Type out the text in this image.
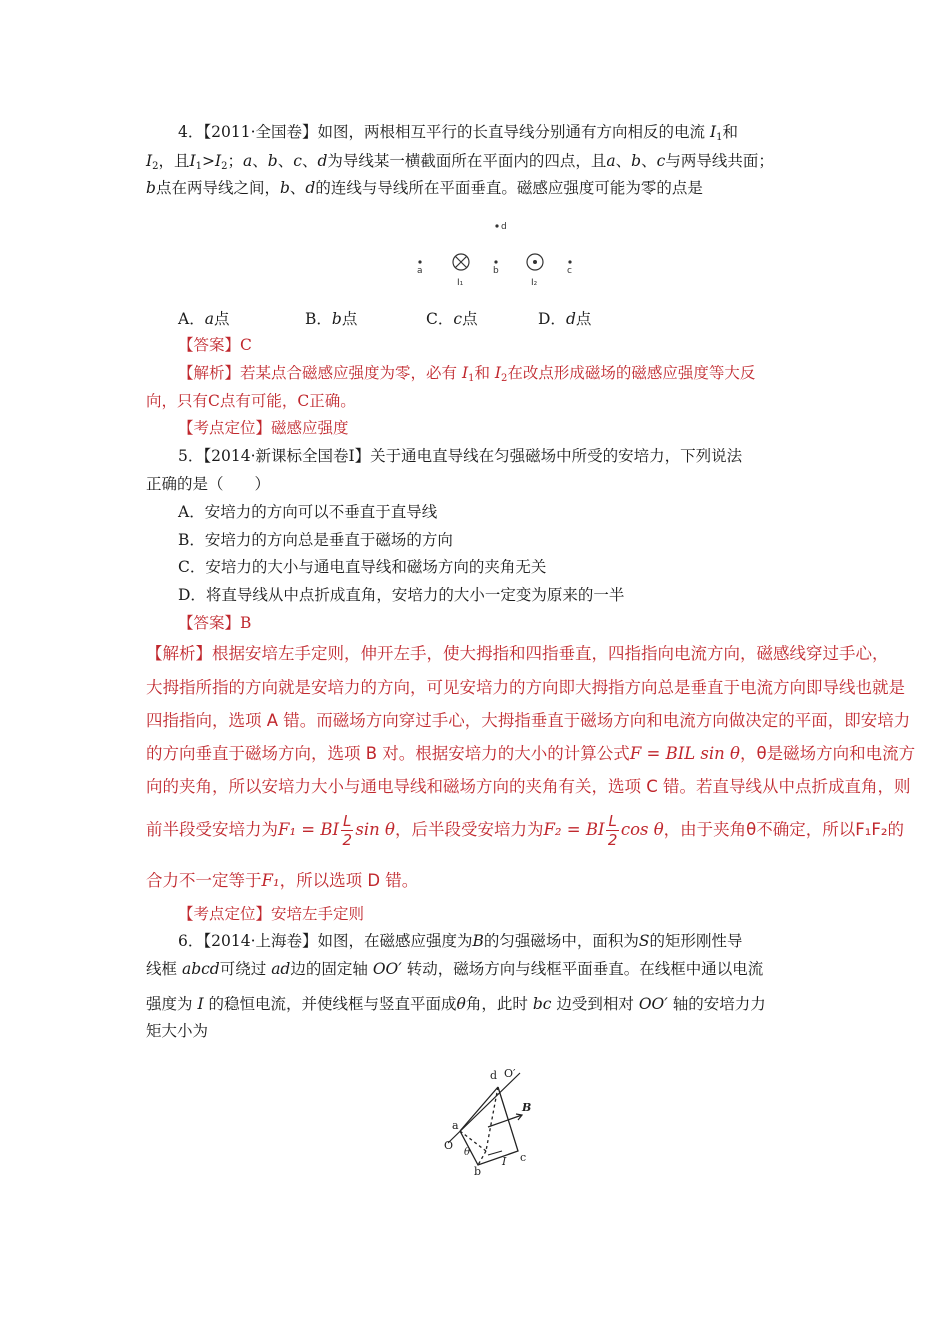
4．【2011·全国卷】如图，两根相互平行的长直导线分别通有方向相反的电流 $I_1$和
$I_2$，且$I_1>I_2$；a、b、c、d为导线某一横截面所在平面内的四点，且a、b、c与两导线共面；
b点在两导线之间，b、d的连线与导线所在平面垂直。磁感应强度可能为零的点是
d
a
I₁
b
I₂
c
A．a点	B．b点	C．c点	D．d点
【答案】C
【解析】若某点合磁感应强度为零，必有 $I_1$和 $I_2$在改点形成磁场的磁感应强度等大反
向，只有C点有可能，C正确。
【考点定位】磁感应强度
5．【2014·新课标全国卷Ⅰ】关于通电直导线在匀强磁场中所受的安培力，下列说法
正确的是（　　）
A．安培力的方向可以不垂直于直导线
B．安培力的方向总是垂直于磁场的方向
C．安培力的大小与通电直导线和磁场方向的夹角无关
D．将直导线从中点折成直角，安培力的大小一定变为原来的一半
【答案】B
【解析】根据安培左手定则，伸开左手，使大拇指和四指垂直，四指指向电流方向，磁感线穿过手心，
大拇指所指的方向就是安培力的方向，可见安培力的方向即大拇指方向总是垂直于电流方向即导线也就是
四指指向，选项 A 错。而磁场方向穿过手心，大拇指垂直于磁场方向和电流方向做决定的平面，即安培力
的方向垂直于磁场方向，选项 B 对。根据安培力的大小的计算公式F = BIL sin θ，θ是磁场方向和电流方
向的夹角，所以安培力大小与通电导线和磁场方向的夹角有关，选项 C 错。若直导线从中点折成直角，则
前半段受安培力为F₁ = BI $\frac{L}{2}$ sin θ，后半段受安培力为F₂ = BI $\frac{L}{2}$ cos θ，由于夹角θ不确定，所以F₁F₂的
合力不一定等于F₁，所以选项 D 错。
【考点定位】安培左手定则
6．【2014·上海卷】如图，在磁感应强度为B的匀强磁场中，面积为S的矩形刚性导
线框 abcd可绕过 ad边的固定轴 OO′ 转动，磁场方向与线框平面垂直。在线框中通以电流
强度为 I 的稳恒电流，并使线框与竖直平面成θ角，此时 bc 边受到相对 OO′ 轴的安培力力
矩大小为
d O′
B
a
c
O
θ
b
I
